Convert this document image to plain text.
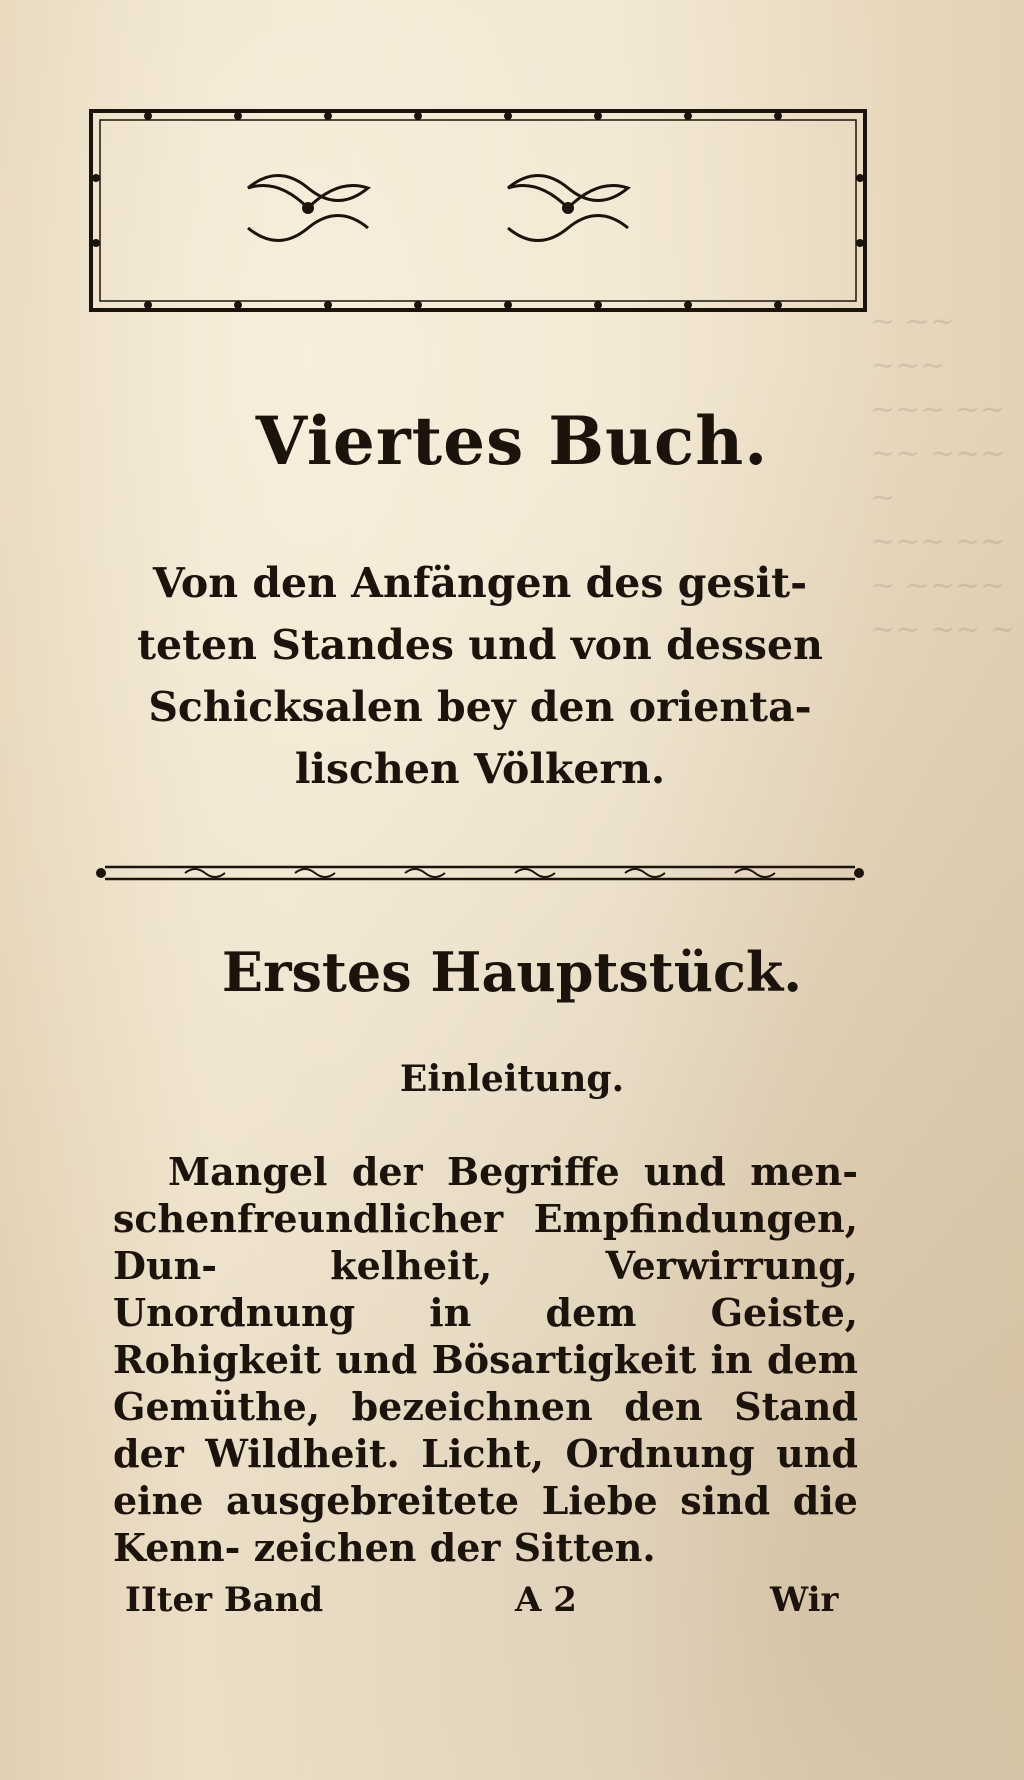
~ ~~ ~~~
~~~ ~~
~~ ~~~ ~
~~~ ~~
~ ~~~~
~~ ~~ ~
Viertes Buch.
Von den Anfängen des gesit- teten Standes und von dessen Schicksalen bey den orienta- lischen Völkern.
Erstes Hauptstück.
Einleitung.
Mangel der Begriffe und men- schenfreundlicher Empfindungen, Dun- kelheit, Verwirrung, Unordnung in dem Geiste, Rohigkeit und Bösartigkeit in dem Gemüthe, bezeichnen den Stand der Wildheit. Licht, Ordnung und eine ausgebreitete Liebe sind die Kenn- zeichen der Sitten.
IIter Band	A 2	Wir
